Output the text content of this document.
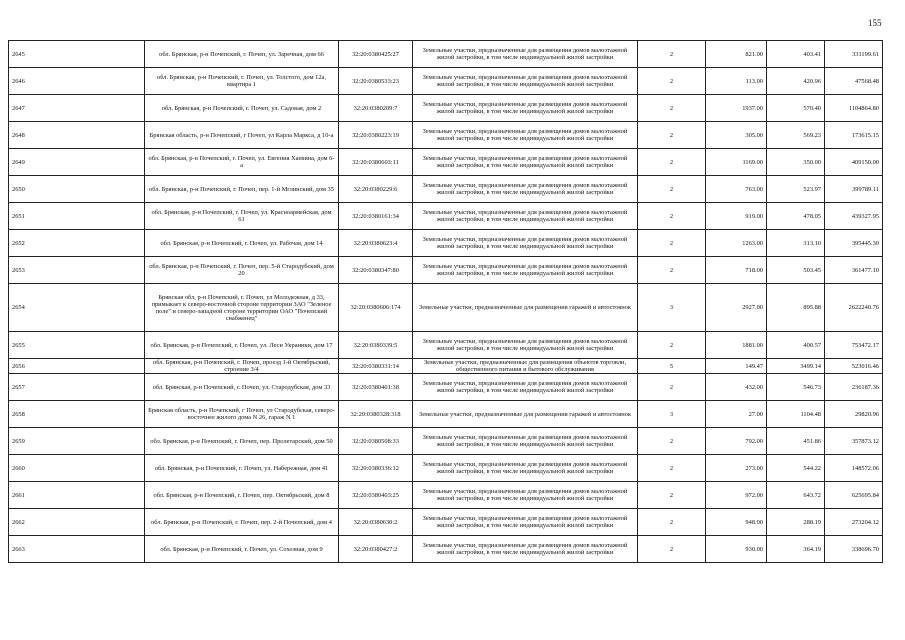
155
2645	обл. Брянская, р-н Почепский, г. Почеп, ул. Заречная, дом 66	32:20:0380425:27	Земельные участки, предназначенные для размещения домов малоэтажной жилой застройки, в том числе индивидуальной жилой застройки	2	821.00	403.41	331199.61
2646	обл. Брянская, р-н Почепский, г. Почеп, ул. Толстого, дом 12а, квартира 1	32:20:0380533:23	Земельные участки, предназначенные для размещения домов малоэтажной жилой застройки, в том числе индивидуальной жилой застройки	2	113.00	420.96	47568.48
2647	обл. Брянская, р-н Почепский, г. Почеп, ул. Садовая, дом 2	32:20:0380209:7	Земельные участки, предназначенные для размещения домов малоэтажной жилой застройки, в том числе индивидуальной жилой застройки	2	1937.00	570.40	1104864.80
2648	Брянская область, р-н Почепский, г Почеп, ул Карла Маркса, д 10-а	32:20:0380223:19	Земельные участки, предназначенные для размещения домов малоэтажной жилой застройки, в том числе индивидуальной жилой застройки	2	305.00	569.23	173615.15
2649	обл. Брянская, р-н Почепский, г. Почеп, ул. Евгения Хаевина, дом 6-а	32:20:0380603:11	Земельные участки, предназначенные для размещения домов малоэтажной жилой застройки, в том числе индивидуальной жилой застройки	2	1169.00	350.00	409150.00
2650	обл. Брянская, р-н Почепский, г. Почеп, пер. 1-й Мглинский, дом 35	32:20:0380229:6	Земельные участки, предназначенные для размещения домов малоэтажной жилой застройки, в том числе индивидуальной жилой застройки	2	763.00	523.97	399789.11
2651	обл. Брянская, р-н Почепский, г. Почеп, ул. Красноармейская, дом 61	32:20:0380161:34	Земельные участки, предназначенные для размещения домов малоэтажной жилой застройки, в том числе индивидуальной жилой застройки	2	919.00	478.05	439327.95
2652	обл. Брянская, р-н Почепский, г. Почеп, ул. Рабочая, дом 14	32:20:0380623:4	Земельные участки, предназначенные для размещения домов малоэтажной жилой застройки, в том числе индивидуальной жилой застройки	2	1263.00	313.10	395445.30
2653	обл. Брянская, р-н Почепский, г. Почеп, пер. 5-й Стародубский, дом 20	32:20:0380347:80	Земельные участки, предназначенные для размещения домов малоэтажной жилой застройки, в том числе индивидуальной жилой застройки	2	718.00	503.45	361477.10
2654	Брянская обл, р-н Почепский, г. Почеп, ул Молодежная, д 33, примыкает к северо-восточной стороне территории ЗАО "Зеленое поле" и северо-западной стороне территории ОАО "Почепский снабженец"	32:20:0380606:174	Земельные участки, предназначенные для размещения гаражей и автостоянок	3	2927.00	895.88	2622240.76
2655	обл. Брянская, р-н Почепский, г. Почеп, ул. Леси Украинки, дом 17	32:20:0380339:5	Земельные участки, предназначенные для размещения домов малоэтажной жилой застройки, в том числе индивидуальной жилой застройки	2	1881.00	400.57	753472.17
2656	обл. Брянская, р-н Почепский, г. Почеп, проезд 1-й Октябрьский, строение 3/4	32:20:0380331:14	Земельные участки, предназначенные для размещения объектов торговли, общественного питания и бытового обслуживания	5	149.47	3499.14	523016.46
2657	обл. Брянская, р-н Почепский, г. Почеп, ул. Стародубская, дом 33	32:20:0380401:38	Земельные участки, предназначенные для размещения домов малоэтажной жилой застройки, в том числе индивидуальной жилой застройки	2	432.00	546.73	236187.36
2658	Брянская область, р-н Почепский, г Почеп, ул Стародубская, северо-восточнее жилого дома N 26, гараж N 1	32:20:0380328:318	Земельные участки, предназначенные для размещения гаражей и автостоянок	3	27.00	1104.48	29820.96
2659	обл. Брянская, р-н Почепский, г. Почеп, пер. Пролетарский, дом 50	32:20:0380508:33	Земельные участки, предназначенные для размещения домов малоэтажной жилой застройки, в том числе индивидуальной жилой застройки	2	792.00	451.86	357873.12
2660	обл. Брянская, р-н Почепский, г. Почеп, ул. Набережная, дом 41	32:20:0380336:12	Земельные участки, предназначенные для размещения домов малоэтажной жилой застройки, в том числе индивидуальной жилой застройки	2	273.00	544.22	148572.06
2661	обл. Брянская, р-н Почепский, г. Почеп, пер. Октябрьский, дом 8	32:20:0380403:25	Земельные участки, предназначенные для размещения домов малоэтажной жилой застройки, в том числе индивидуальной жилой застройки	2	972.00	643.72	625695.84
2662	обл. Брянская, р-н Почепский, г. Почеп, пер. 2-й Почепский, дом 4	32:20:0380630:2	Земельные участки, предназначенные для размещения домов малоэтажной жилой застройки, в том числе индивидуальной жилой застройки	2	948.00	288.19	273204.12
2663	обл. Брянская, р-н Почепский, г. Почеп, ул. Сохозная, дом 9	32:20:0380427:2	Земельные участки, предназначенные для размещения домов малоэтажной жилой застройки, в том числе индивидуальной жилой застройки	2	930.00	364.19	338696.70
